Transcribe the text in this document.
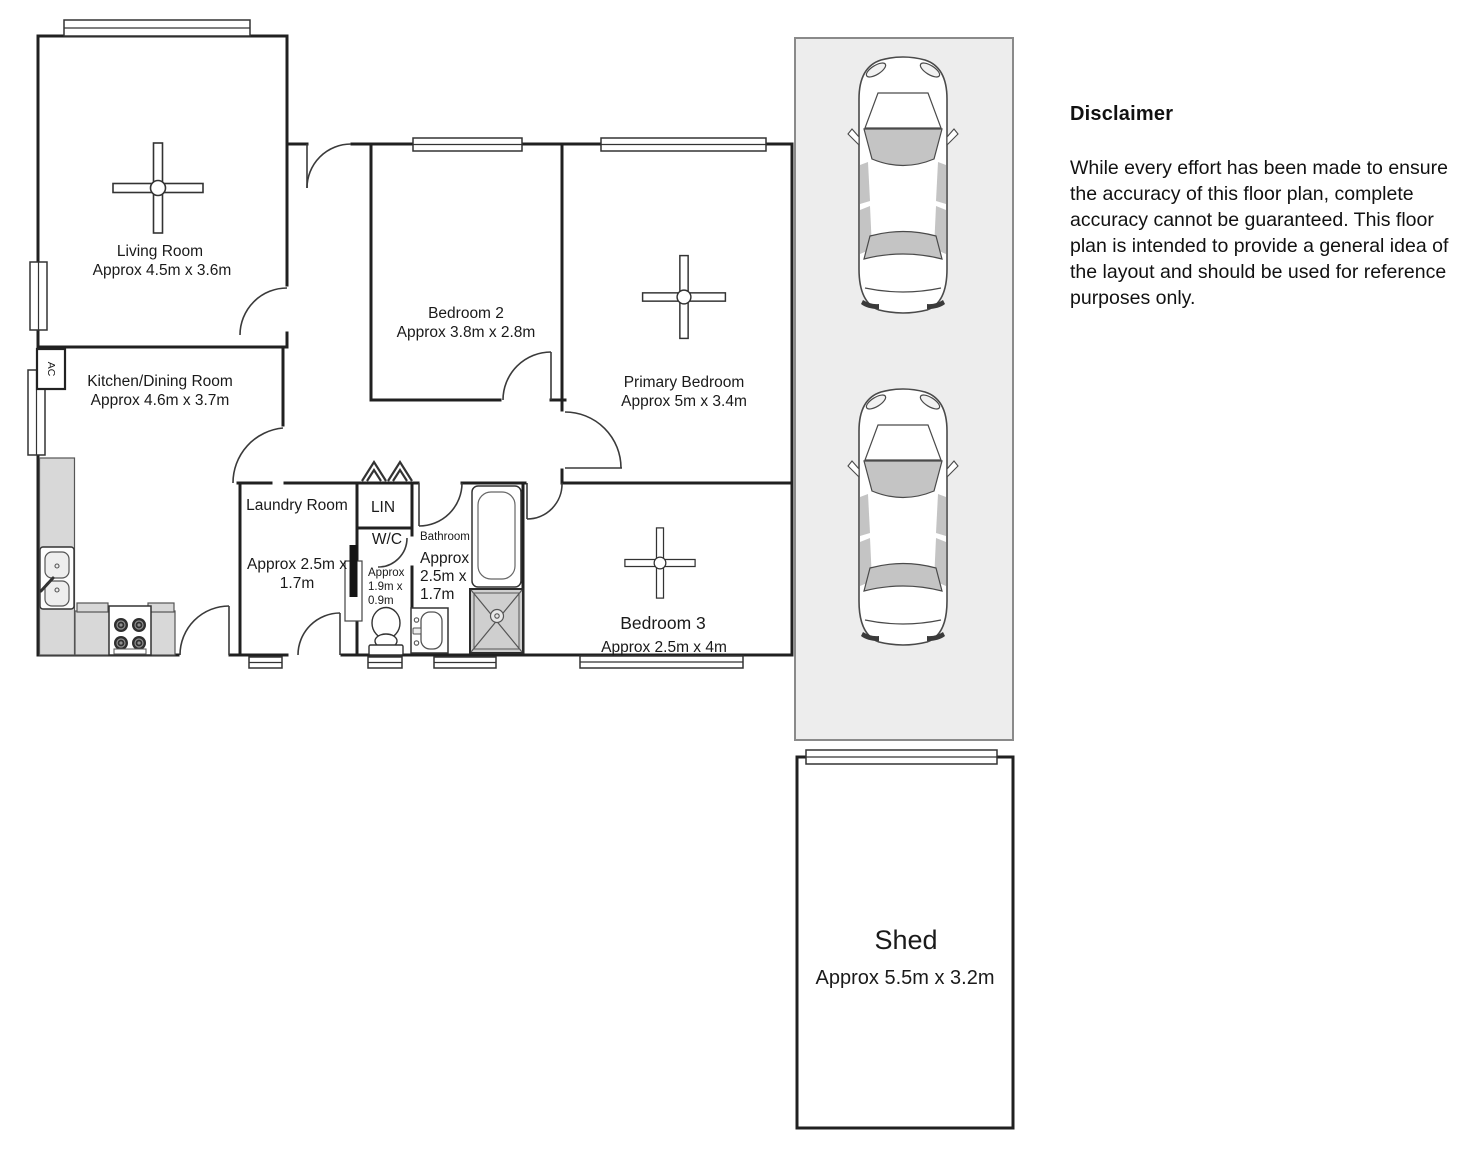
Shed
Approx 5.5m x 3.2m
AC
Living Room
Approx 4.5m x 3.6m
Kitchen/Dining Room
Approx 4.6m x 3.7m
Bedroom 2
Approx 3.8m x 2.8m
Primary Bedroom
Approx 5m x 3.4m
Bedroom 3
Approx 2.5m x 4m
Laundry Room
Approx 2.5m x
1.7m
LIN
W/C
Approx
1.9m x
0.9m
Bathroom
Approx
2.5m x
1.7m
Disclaimer

While every effort has been made to ensure the accuracy of this floor plan, complete accuracy cannot be guaranteed. This floor plan is intended to provide a general idea of the layout and should be used for reference purposes only.
